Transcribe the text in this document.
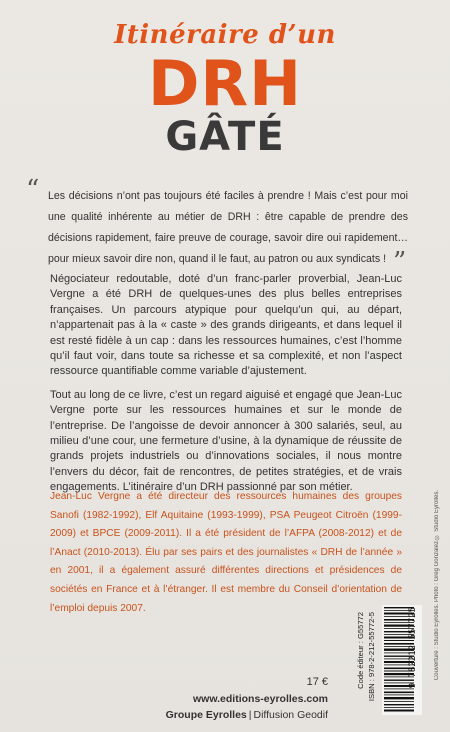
Itinéraire d’un
DRH
GÂTÉ
“ Les décisions n’ont pas toujours été faciles à prendre ! Mais c’est pour moi une qualité inhérente au métier de DRH : être capable de prendre des décisions rapidement, faire preuve de courage, savoir dire oui rapidement… pour mieux savoir dire non, quand il le faut, au patron ou aux syndicats ! ”

Négociateur redoutable, doté d’un franc-parler proverbial, Jean-Luc Vergne a été DRH de quelques-unes des plus belles entreprises françaises. Un parcours atypique pour quelqu’un qui, au départ, n’appartenait pas à la « caste » des grands dirigeants, et dans lequel il est resté fidèle à un cap : dans les ressources humaines, c’est l’homme qu’il faut voir, dans toute sa richesse et sa complexité, et non l’aspect ressource quantifiable comme variable d’ajustement.

Tout au long de ce livre, c’est un regard aiguisé et engagé que Jean-Luc Vergne porte sur les ressources humaines et sur le monde de l’entreprise. De l’angoisse de devoir annoncer à 300 salariés, seul, au milieu d’une cour, une fermeture d’usine, à la dynamique de réussite de grands projets industriels ou d’innovations sociales, il nous montre l’envers du décor, fait de rencontres, de petites stratégies, et de vrais engagements. L’itinéraire d’un DRH passionné par son métier.

Jean-Luc Vergne a été directeur des ressources humaines des groupes Sanofi (1982-1992), Elf Aquitaine (1993-1999), PSA Peugeot Citroën (1999-2009) et BPCE (2009-2011). Il a été président de l’AFPA (2008-2012) et de l’Anact (2010-2013). Élu par ses pairs et des journalistes « DRH de l’année » en 2001, il a également assuré différentes directions et présidences de sociétés en France et à l’étranger. Il est membre du Conseil d’orientation de l’emploi depuis 2007.	Couverture : Studio Eyrolles. Photo : Greg Gonzalez © Studio Eyrolles.
Code éditeur : G55772 ISBN : 978-2-212-55772-5	9 782212 557725
17 €
www.editions-eyrolles.com
Groupe Eyrolles | Diffusion Geodif
